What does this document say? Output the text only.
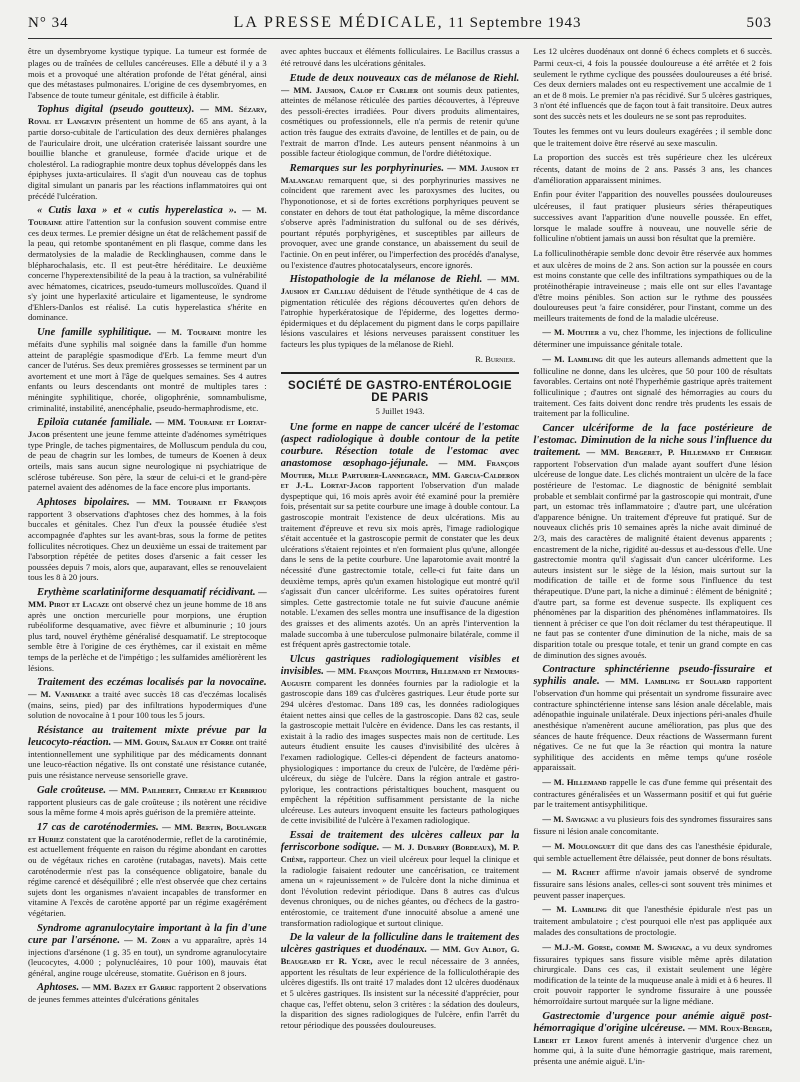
N° 34	LA PRESSE MÉDICALE, 11 Septembre 1943	503

être un dysembryome kystique typique. La tumeur est formée de plages ou de traînées de cellules cancéreuses. Elle a débuté il y a 3 mois et a provoqué une altération profonde de l'état général, ainsi que des métastases pulmonaires. L'origine de ces dysembryomes, en l'absence de toute tumeur génitale, est difficile à établir.

Tophus digital (pseudo goutteux). — MM. Sézary, Roval et Langevin présentent un homme de 65 ans ayant, à la partie dorso-cubitale de l'articulation des deux dernières phalanges de l'auriculaire droit, une ulcération craterisée laissant sourdre une bouillie blanche et granuleuse, formée d'acide urique et de cholestérol. La radiographie montre deux tophus développés dans les épiphyses juxta-articulaires. Il s'agit d'un nouveau cas de tophus digital simulant un panaris par les réactions inflammatoires qui ont précédé l'ulcération.

« Cutis laxa » et « cutis hyperelastica ». — M. Touraine attire l'attention sur la confusion souvent commise entre ces deux termes. Le premier désigne un état de relâchement passif de la peau, qui retombe spontanément en pli flasque, comme dans les dermatolysies de la maladie de Recklinghausen, comme dans le blépharochalasis, etc. Il est peut-être héréditaire. Le deuxième concerne l'hyperextensibilité de la peau à la traction, sa vulnérabilité avec hématomes, cicatrices, pseudo-tumeurs molluscoïdes. Quand il s'y joint une hyperlaxité articulaire et ligamenteuse, le syndrome d'Ehlers-Danlos est réalisé. La cutis hyperelastica s'hérite en dominance.

Une famille syphilitique. — M. Touraine montre les méfaits d'une syphilis mal soignée dans la famille d'un homme atteint de paraplégie spasmodique d'Erb. La femme meurt d'un cancer de l'utérus. Ses deux premières grossesses se terminent par un avortement et une mort à l'âge de quelques semaines. Ses 4 autres enfants ou leurs descendants ont montré de multiples tares : méningite syphilitique, chorée, oligophrénie, somnambulisme, criminalité, instabilité, anencéphalie, pseudo-hermaphrodisme, etc.

Epiloïa cutanée familiale. — MM. Touraine et Lortat-Jacob présentent une jeune femme atteinte d'adénomes symétriques type Pringle, de taches pigmentaires, de Molluscum pendula du cou, de peau de chagrin sur les lombes, de tumeurs de Koenen à deux orteils, mais sans aucun signe neurologique ni psychiatrique de sclérose tubéreuse. Son père, la sœur de celui-ci et le grand-père paternel avaient des adénomes de la face encore plus importants.

Aphtoses bipolaires. — MM. Touraine et François rapportent 3 observations d'aphtoses chez des hommes, à la fois buccales et génitales. Chez l'un d'eux la poussée étudiée s'est accompagnée d'aphtes sur les avant-bras, sous la forme de petites folliculites nécrotiques. Chez un deuxième un essai de traitement par l'absorption répétée de petites doses d'arsenic a fait cesser les poussées depuis 7 mois, alors que, auparavant, elles se renouvelaient tous les 8 à 20 jours.

Erythème scarlatiniforme desquamatif récidivant. — MM. Pirot et Lacaze ont observé chez un jeune homme de 18 ans après une onction mercurielle pour morpions, une éruption rubéoliforme desquamative, avec fièvre et albuminurie ; 10 jours plus tard, nouvel érythème généralisé desquamatif. Le streptocoque semble être à l'origine de ces érythèmes, car il existait en même temps de la perlèche et de l'impétigo ; les sulfamides améliorèrent les lésions.

Traitement des eczémas localisés par la novocaïne. — M. Vanhaeke a traité avec succès 18 cas d'eczémas localisés (mains, seins, pied) par des infiltrations hypodermiques d'une solution de novocaïne à 1 pour 100 tous les 5 jours.

Résistance au traitement mixte prévue par la leucocyto-réaction. — MM. Gouin, Salaun et Corre ont traité intentionnellement une syphilitique par des médicaments donnant une leuco-réaction négative. Ils ont constaté une résistance cutanée, puis une résistance nerveuse sensorielle grave.

Gale croûteuse. — MM. Pailheret, Chereau et Kerbiriou rapportent plusieurs cas de gale croûteuse ; ils notèrent une récidive sous la même forme 4 mois après guérison de la première atteinte.

17 cas de caroténodermies. — MM. Bertin, Boulanger et Huriez constatent que la caroténodermie, reflet de la carotinémie, est actuellement fréquente en raison du régime abondant en carottes ou de végétaux riches en carotène (rutabagas, navets). Mais cette caroténodermie n'est pas la conséquence obligatoire, banale du régime carencé et déséquilibré ; elle n'est observée que chez certains sujets dont les organismes n'avaient incapables de transformer en vitamine A l'excès de carotène apporté par un régime exagérément végétarien.

Syndrome agranulocytaire important à la fin d'une cure par l'arsénone. — M. Zorn a vu apparaître, après 14 injections d'arsénone (1 g. 35 en tout), un syndrome agranulocytaire (leucocytes, 4.000 ; polynucléaires, 10 pour 100), mauvais état général, angine rouge ulcéreuse, stomatite. Guérison en 8 jours.

Aphtoses. — MM. Bazex et Garric rapportent 2 observations de jeunes femmes atteintes d'ulcérations génitales

avec aphtes buccaux et éléments folliculaires. Le Bacillus crassus a été retrouvé dans les ulcérations génitales.

Etude de deux nouveaux cas de mélanose de Riehl. — MM. Jausion, Calop et Carlier ont soumis deux patientes, atteintes de mélanose réticulée des parties découvertes, à l'épreuve des pessoli-érectes irradiées. Pour divers produits alimentaires, cosmétiques ou professionnels, elle n'a permis de retenir qu'une action très faugue des extraits d'avoine, de lentilles et de pain, ou de l'extrait de marron d'Inde. Les auteurs pensent néanmoins à un possible facteur étiologique commun, de l'ordre diététoxique.

Remarques sur les porphyrinuries. — MM. Jausion et Malangeau remarquent que, si des porphyrinuries massives ne coïncident que rarement avec les paroxysmes des lucites, ou l'hyponotionose, et si de fortes excrétions porphyriques peuvent se constater en dehors de tout état pathologique, la même discordance s'observe après l'administration du sulfonal ou de ses dérivés, pourtant réputés porphyrigènes, et susceptibles par ailleurs de provoquer, avec une grande constance, un abaissement du seuil de l'actinie. On en peut inférer, ou l'imperfection des procédés d'analyse, ou l'existence d'autres photocatalyseurs, encore ignorés.

Histopathologie de la mélanose de Riehl. — MM. Jausion et Cailliau déduisent de l'étude synthétique de 4 cas de pigmentation réticulée des régions découvertes qu'en dehors de l'atrophie hyperkératosique de l'épiderme, des logettes dermo-épidermiques et du déplacement du pigment dans le corps papillaire lésions vasculaires et lésions nerveuses paraissent constituer les facteurs les plus typiques de la mélanose de Riehl.

R. Burnier.
SOCIÉTÉ DE GASTRO-ENTÉROLOGIE DE PARIS
5 Juillet 1943.

Une forme en nappe de cancer ulcéré de l'estomac (aspect radiologique à double contour de la petite courbure. Résection totale de l'estomac avec anastomose œsophago-jéjunale. — MM. François Moutier, Mlle Parturier-Lannegrace, MM. Garcia-Calderon et J.-L. Lortat-Jacob rapportent l'observation d'un malade dyspeptique qui, 16 mois après avoir été examiné pour la première fois, présentait sur sa petite courbure une image à double contour. La gastroscopie montrait l'existence de deux ulcérations. Mis au traitement d'épreuve et revu six mois après, l'image radiologique s'était accentuée et la gastroscopie permit de constater que les deux ulcérations s'étaient rejointes et n'en formaient plus qu'une, allongée dans le sens de la petite courbure. Une laparotomie avait montré la nécessité d'une gastrectomie totale, celle-ci fut faite dans un deuxième temps, après qu'un examen histologique eut montré qu'il s'agissait d'un cancer ulcériforme. Les suites opératoires furent simples. Cette gastrectomie totale ne fut suivie d'aucune anémie notable. L'examen des selles montra une insuffisance de la digestion des graisses et des aliments azotés. Un an après l'intervention la malade succomba à une tuberculose pulmonaire bilatérale, comme il est fréquent après gastrectomie totale.

Ulcus gastriques radiologiquement visibles et invisibles. — MM. François Moutier, Hillemand et Nemours-Auguste comparent les données fournies par la radiologie et la gastroscopie dans 189 cas d'ulcères gastriques. Leur étude porte sur 294 ulcères d'estomac. Dans 189 cas, les données radiologiques étaient nettes ainsi que celles de la gastroscopie. Dans 82 cas, seule la gastroscopie mettait l'ulcère en évidence. Dans les cas restants, il existait à la radio des images suspectes mais non de certitude. Les auteurs étudient ensuite les causes d'invisibilité des ulcères à l'examen radiologique. Celles-ci dépendent de facteurs anatomo-physiologiques : importance du creux de l'ulcère, de l'œdème péri-ulcéreux, du siège de l'ulcère. Dans la région antrale et gastro-pylorique, les contractions péristaltiques bouchent, masquent ou empêchent la répétition suffisamment persistante de la niche ulcéreuse. Les auteurs invoquent ensuite les facteurs pathologiques de cette invisibilité de l'ulcère à l'examen radiologique.

Essai de traitement des ulcères calleux par la ferriscorbone sodique. — M. J. Dubarry (Bordeaux), M. P. Chêne, rapporteur. Chez un vieil ulcéreux pour lequel la clinique et la radiologie faisaient redouter une cancérisation, ce traitement amena un « rajeunissement » de l'ulcère dont la niche diminua et dont l'évolution redevint périodique. Dans 8 autres cas d'ulcus devenus chroniques, ou de niches géantes, ou d'échecs de la gastro-entérostomie, ce traitement d'une innocuité absolue a amené une transformation radiologique et surtout clinique.

De la valeur de la folliculine dans le traitement des ulcères gastriques et duodénaux. — MM. Guy Albot, G. Beaugeard et R. Ycre, avec le recul nécessaire de 3 années, apportent les résultats de leur expérience de la folliculothérapie des ulcères digestifs. Ils ont traité 17 malades dont 12 ulcères duodénaux et 5 ulcères gastriques. Ils insistent sur la nécessité d'apprécier, pour chaque cas, l'effet obtenu, selon 3 critères : la sédation des douleurs, la disparition des signes radiologiques de l'ulcère, enfin l'arrêt du retour périodique des poussées douloureuses.

Les 12 ulcères duodénaux ont donné 6 échecs complets et 6 succès. Parmi ceux-ci, 4 fois la poussée douloureuse a été arrêtée et 2 fois seulement le rythme cyclique des poussées douloureuses a été brisé. Ces deux derniers malades ont eu respectivement une accalmie de 1 an et de 8 mois. Le premier n'a pas récidivé. Sur 5 ulcères gastriques, 3 n'ont été influencés que de façon tout à fait transitoire. Deux autres sont des succès nets et les douleurs ne se sont pas reproduites.

Toutes les femmes ont vu leurs douleurs exagérées ; il semble donc que le traitement doive être réservé au sexe masculin.

La proportion des succès est très supérieure chez les ulcéreux récents, datant de moins de 2 ans. Passés 3 ans, les chances d'amélioration apparaissent minimes.

Enfin pour éviter l'apparition des nouvelles poussées douloureuses ulcéreuses, il faut pratiquer plusieurs séries thérapeutiques successives avant l'apparition d'une nouvelle poussée. En effet, lorsque le malade souffre à nouveau, une nouvelle série de folliculine n'obtient jamais un aussi bon résultat que la première.

La folliculinothérapie semble donc devoir être réservée aux hommes et aux ulcères de moins de 2 ans. Son action sur la poussée en cours est moins constante que celle des infiltrations sympathiques ou de la protéinothérapie intraveineuse ; mais elle ont sur elles l'avantage d'être moins pénibles. Son action sur le rythme des poussées douloureuses peut 'a faire considérer, pour l'instant, comme un des meilleurs traitements de fond de la maladie ulcéreuse.

— M. Moutier a vu, chez l'homme, les injections de folliculine déterminer une impuissance génitale totale.

— M. Lambling dit que les auteurs allemands admettent que la folliculine ne donne, dans les ulcères, que 50 pour 100 de résultats favorables. Certains ont noté l'hyperhémie gastrique après traitement folliculinique ; d'autres ont signalé des hémorragies au cours du traitement. Ces faits doivent donc rendre très prudents les essais de traitement par la folliculine.

Cancer ulcériforme de la face postérieure de l'estomac. Diminution de la niche sous l'influence du traitement. — MM. Bergeret, P. Hillemand et Cherigie rapportent l'observation d'un malade ayant souffert d'une lésion ulcéreuse de longue date. Les clichés montraient un ulcère de la face postérieure de l'estomac. Le diagnostic de bénignité semblait probable et semblait confirmé par la gastroscopie qui montrait, d'une part, un estomac très inflammatoire ; d'autre part, une ulcération d'apparence bénigne. Un traitement d'épreuve fut pratiqué. Sur de nouveaux clichés pris 10 semaines après la niche avait diminué de 2/3, mais des caractères de malignité étaient devenus apparents ; encastrement de la niche, rigidité au-dessus et au-dessous d'elle. Une gastrectomie montra qu'il s'agissait d'un cancer ulcériforme. Les auteurs insistent sur le siège de la lésion, mais surtout sur la modification de taille et de forme sous l'influence du test thérapeutique. D'une part, la niche a diminué : élément de bénignité ; d'autre part, sa forme est devenue suspecte. Ils expliquent ces phénomènes par la disparition des phénomènes inflammatoires. Ils tiennent à préciser ce que l'on doit réclamer du test thérapeutique. Il ne faut pas se contenter d'une diminution de la niche, mais de sa disparition totale ou presque totale, et tenir un grand compte en cas de diminution des signes avoués.

Contracture sphinctérienne pseudo-fissuraire et syphilis anale. — MM. Lambling et Soulard rapportent l'observation d'un homme qui présentait un syndrome fissuraire avec contracture sphinctérienne intense sans lésion anale décelable, mais adénopathie inguinale unilatérale. Deux injections péri-anales d'huile anesthésique n'amenèrent aucune amélioration, pas plus que des séances de haute fréquence. Deux réactions de Wassermann furent négatives. Ce ne fut que la 3e réaction qui montra la nature syphilitique des accidents en même temps qu'une roséole apparaissait.

— M. Hillemand rappelle le cas d'une femme qui présentait des contractures généralisées et un Wassermann positif et qui fut guérie par le traitement antisyphilitique.

— M. Savignac a vu plusieurs fois des syndromes fissuraires sans fissure ni lésion anale concomitante.

— M. Moulonguet dit que dans des cas l'anesthésie épidurale, qui semble actuellement être délaissée, peut donner de bons résultats.

— M. Rachet affirme n'avoir jamais observé de syndrome fissuraire sans lésions anales, celles-ci sont souvent très minimes et peuvent passer inaperçues.

— M. Lambling dit que l'anesthésie épidurale n'est pas un traitement ambulatoire ; c'est pourquoi elle n'est pas appliquée aux malades des consultations de proctologie.

— M.J.-M. Gorse, comme M. Savignac, a vu deux syndromes fissuraires typiques sans fissure visible même après dilatation chirurgicale. Dans ces cas, il existait seulement une légère modification de la teinte de la muqueuse anale à midi et à 6 heures. Il croit pouvoir rapporter le syndrome fissuraire à une poussée hémorroïdaire surtout marquée sur la ligne médiane.

Gastrectomie d'urgence pour anémie aiguë post-hémorragique d'origine ulcéreuse. — MM. Roux-Berger, Libert et Leroy furent amenés à intervenir d'urgence chez un homme qui, à la suite d'une hémorragie gastrique, mais rarement, présenta une anémie aiguë. L'in-
